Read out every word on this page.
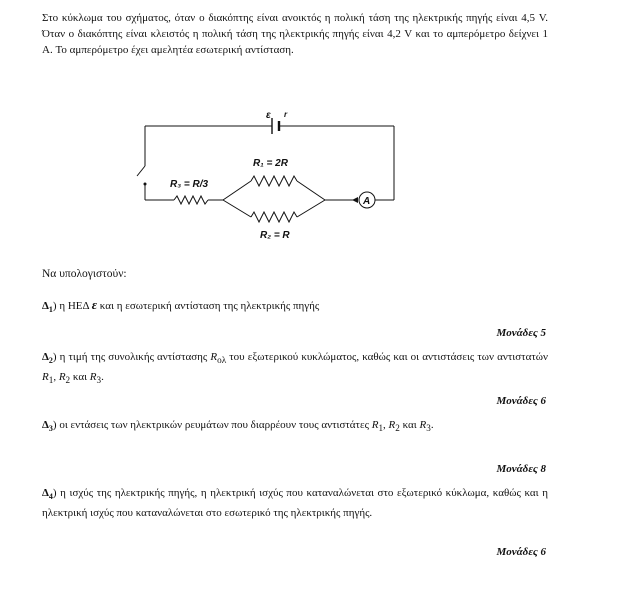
Στο κύκλωμα του σχήματος, όταν ο διακόπτης είναι ανοικτός η πολική τάση της ηλεκτρικής πηγής είναι 4,5 V. Όταν ο διακόπτης είναι κλειστός η πολική τάση της ηλεκτρικής πηγής είναι 4,2 V και το αμπερόμετρο δείχνει 1 A. Το αμπερόμετρο έχει αμελητέα εσωτερική αντίσταση.
ε r
R₃ = R/3
R₁ = 2R
R₂ = R
A
Να υπολογιστούν:
$\Delta_1$) η ΗΕΔ ε και η εσωτερική αντίσταση της ηλεκτρικής πηγής
Μονάδες 5
$\Delta_2$) η τιμή της συνολικής αντίστασης $R_{o\lambda}$ του εξωτερικού κυκλώματος, καθώς και οι αντιστάσεις των αντιστατών $R_1$, $R_2$ και $R_3$.
Μονάδες 6
$\Delta_3$) οι εντάσεις των ηλεκτρικών ρευμάτων που διαρρέουν τους αντιστάτες $R_1$, $R_2$ και $R_3$.
Μονάδες 8
$\Delta_4$) η ισχύς της ηλεκτρικής πηγής, η ηλεκτρική ισχύς που καταναλώνεται στο εξωτερικό κύκλωμα, καθώς και η ηλεκτρική ισχύς που καταναλώνεται στο εσωτερικό της ηλεκτρικής πηγής.
Μονάδες 6
